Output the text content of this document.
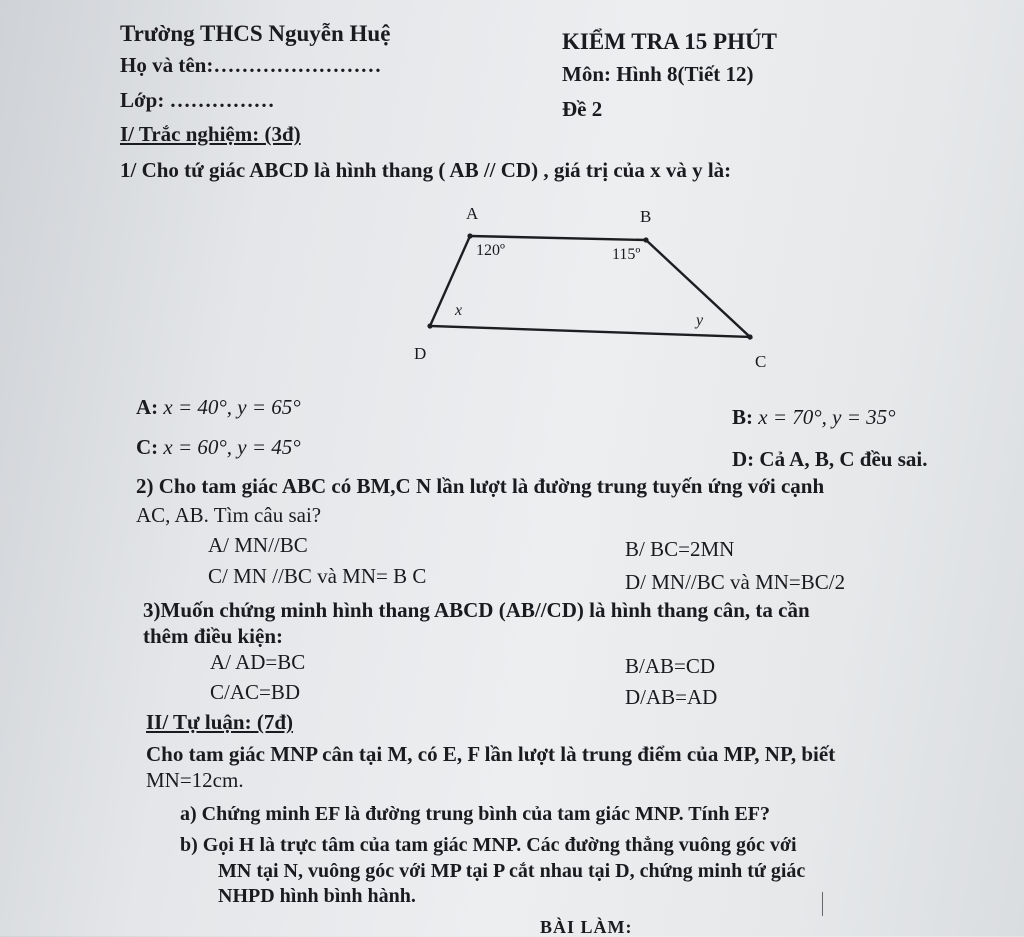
Trường THCS Nguyễn Huệ	KIỂM TRA 15 PHÚT
Họ và tên:……………………	Môn: Hình 8(Tiết 12)
Lớp: ……………	Đề 2
I/ Trắc nghiệm: (3đ)
1/ Cho tứ giác ABCD là hình thang ( AB // CD) , giá trị của x và y là:
A	B
C
D
120º	115º
x
y
A: x = 40°, y = 65°	B: x = 70°, y = 35°
C: x = 60°, y = 45°	D: Cả A, B, C đều sai.
2) Cho tam giác ABC có BM,C N lần lượt là đường trung tuyến ứng với cạnh
AC, AB. Tìm câu sai?
A/ MN//BC	B/ BC=2MN
C/ MN //BC và MN= B C	D/ MN//BC và MN=BC/2
3)Muốn chứng minh hình thang ABCD (AB//CD) là hình thang cân, ta cần
thêm điều kiện:
A/ AD=BC	B/AB=CD
C/AC=BD	D/AB=AD
II/ Tự luận: (7đ)
Cho tam giác MNP cân tại M, có E, F lần lượt là trung điểm của MP, NP, biết
MN=12cm.
a) Chứng minh EF là đường trung bình của tam giác MNP. Tính EF?
b) Gọi H là trực tâm của tam giác MNP. Các đường thẳng vuông góc với
MN tại N, vuông góc với MP tại P cắt nhau tại D, chứng minh tứ giác
NHPD hình bình hành.
BÀI LÀM:
